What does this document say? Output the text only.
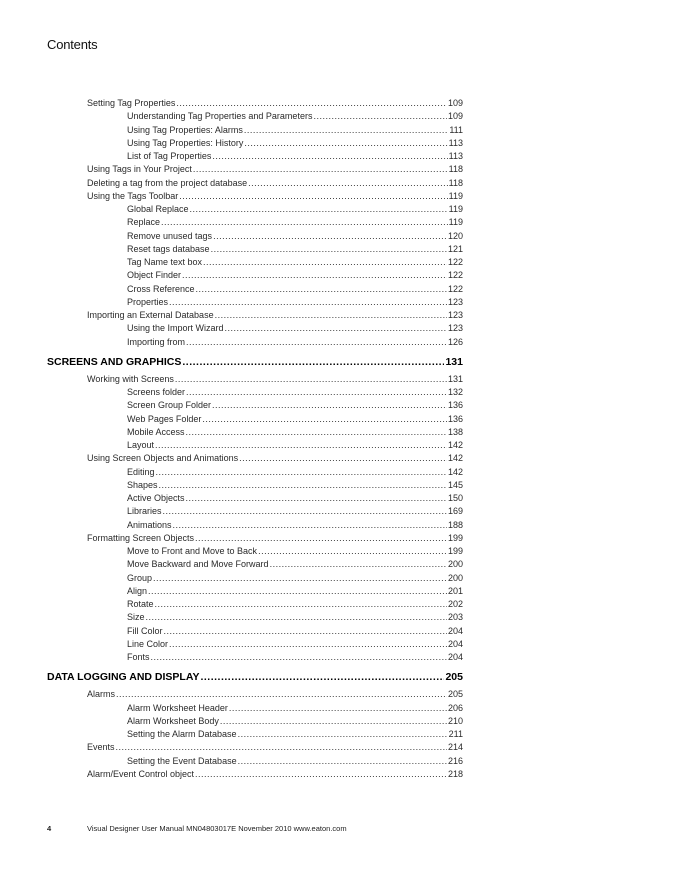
Contents
Setting Tag Properties .....	109
Understanding Tag Properties and Parameters .....	109
Using Tag Properties: Alarms .....	111
Using Tag Properties: History .....	113
List of Tag Properties .....	113
Using Tags in Your Project .....	118
Deleting a tag from the project database .....	118
Using the Tags Toolbar .....	119
Global Replace .....	119
Replace .....	119
Remove unused tags .....	120
Reset tags database .....	121
Tag Name text box .....	122
Object Finder .....	122
Cross Reference .....	122
Properties .....	123
Importing an External Database .....	123
Using the Import Wizard .....	123
Importing from .....	126
SCREENS AND GRAPHICS .....	131
Working with Screens .....	131
Screens folder .....	132
Screen Group Folder .....	136
Web Pages Folder .....	136
Mobile Access .....	138
Layout .....	142
Using Screen Objects and Animations .....	142
Editing .....	142
Shapes .....	145
Active Objects .....	150
Libraries .....	169
Animations .....	188
Formatting Screen Objects .....	199
Move to Front and Move to Back .....	199
Move Backward and Move Forward .....	200
Group .....	200
Align .....	201
Rotate .....	202
Size .....	203
Fill Color .....	204
Line Color .....	204
Fonts .....	204
DATA LOGGING AND DISPLAY .....	205
Alarms .....	205
Alarm Worksheet Header .....	206
Alarm Worksheet Body .....	210
Setting the Alarm Database .....	211
Events .....	214
Setting the Event Database .....	216
Alarm/Event Control object .....	218
4	Visual Designer User Manual MN04803017E November 2010 www.eaton.com
